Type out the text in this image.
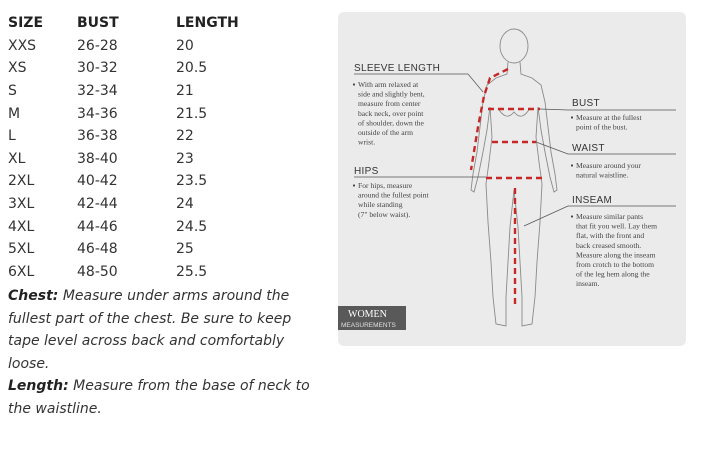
SIZE	BUST	LENGTH
XXS	26-28	20
XS	30-32	20.5
S	32-34	21
M	34-36	21.5
L	36-38	22
XL	38-40	23
2XL	40-42	23.5
3XL	42-44	24
4XL	44-46	24.5
5XL	46-48	25
6XL	48-50	25.5

Chest: Measure under arms around the fullest part of the chest. Be sure to keep tape level across back and comfortably loose.

Length: Measure from the base of neck to the waistline.

SLEEVE LENGTH
With arm relaxed at
side and slightly bent,
measure from center
back neck, over point
of shoulder, down the
outside of the arm
wrist.
BUST
Measure at the fullest
point of the bust.
WAIST
Measure around your
natural waistline.
HIPS
For hips, measure
around the fullest point
while standing
(7" below waist).
INSEAM
Measure similar pants
that fit you well. Lay them
flat, with the front and
back creased smooth.
Measure along the inseam
from crotch to the bottom
of the leg hem along the
inseam.
WOMEN
MEASUREMENTS
